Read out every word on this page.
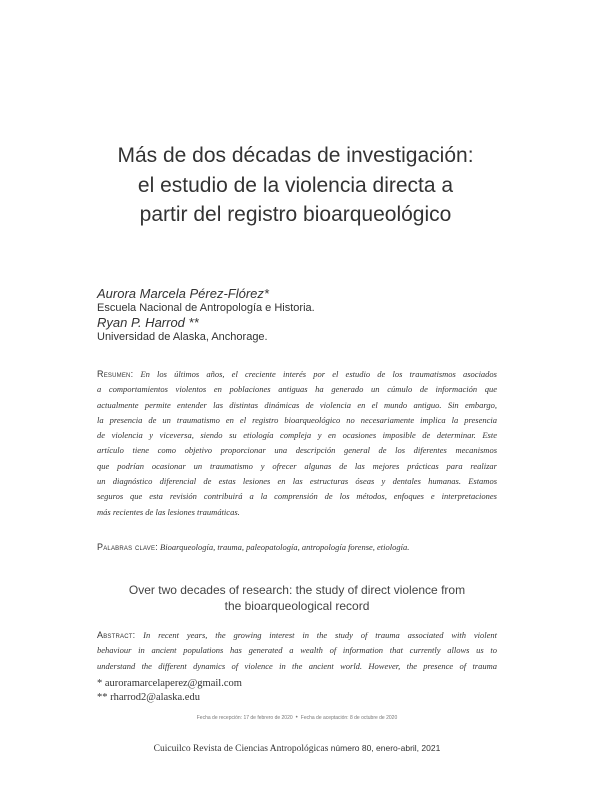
Más de dos décadas de investigación:
el estudio de la violencia directa a
partir del registro bioarqueológico
Aurora Marcela Pérez-Flórez*
Escuela Nacional de Antropología e Historia.
Ryan P. Harrod **
Universidad de Alaska, Anchorage.
Resumen: En los últimos años, el creciente interés por el estudio de los traumatismos asociados
a comportamientos violentos en poblaciones antiguas ha generado un cúmulo de información que
actualmente permite entender las distintas dinámicas de violencia en el mundo antiguo. Sin embargo,
la presencia de un traumatismo en el registro bioarqueológico no necesariamente implica la presencia
de violencia y viceversa, siendo su etiología compleja y en ocasiones imposible de determinar. Este
artículo tiene como objetivo proporcionar una descripción general de los diferentes mecanismos
que podrían ocasionar un traumatismo y ofrecer algunas de las mejores prácticas para realizar
un diagnóstico diferencial de estas lesiones en las estructuras óseas y dentales humanas. Estamos
seguros que esta revisión contribuirá a la comprensión de los métodos, enfoques e interpretaciones
más recientes de las lesiones traumáticas.
Palabras clave: Bioarqueología, trauma, paleopatología, antropología forense, etiología.
Over two decades of research: the study of direct violence from
the bioarqueological record
Abstract: In recent years, the growing interest in the study of trauma associated with violent
behaviour in ancient populations has generated a wealth of information that currently allows us to
understand the different dynamics of violence in the ancient world. However, the presence of trauma
* auroramarcelaperez@gmail.com
** rharrod2@alaska.edu
Fecha de recepción: 17 de febrero de 2020 • Fecha de aceptación: 8 de octubre de 2020
Cuicuilco Revista de Ciencias Antropológicas número 80, enero-abril, 2021
